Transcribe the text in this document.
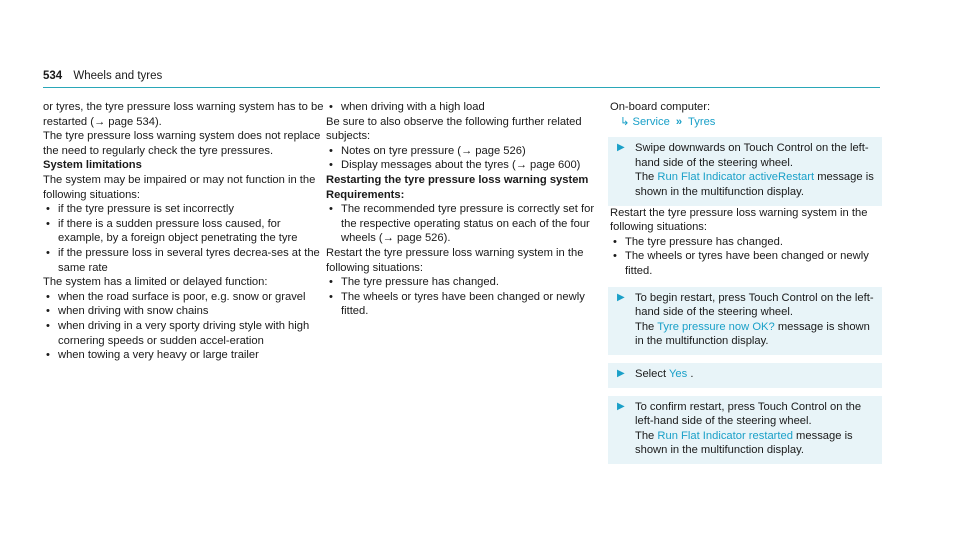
534 Wheels and tyres

or tyres, the tyre pressure loss warning system has to be restarted (→ page 534).

The tyre pressure loss warning system does not replace the need to regularly check the tyre pressures.

System limitations

The system may be impaired or may not function in the following situations:

• if the tyre pressure is set incorrectly
• if there is a sudden pressure loss caused, for example, by a foreign object penetrating the tyre
• if the pressure loss in several tyres decrea-ses at the same rate

The system has a limited or delayed function:

• when the road surface is poor, e.g. snow or gravel
• when driving with snow chains
• when driving in a very sporty driving style with high cornering speeds or sudden accel-eration
• when towing a very heavy or large trailer
• when driving with a high load

Be sure to also observe the following further related subjects:

• Notes on tyre pressure (→ page 526)
• Display messages about the tyres (→ page 600)

Restarting the tyre pressure loss warning system

Requirements:

• The recommended tyre pressure is correctly set for the respective operating status on each of the four wheels (→ page 526).

Restart the tyre pressure loss warning system in the following situations:

• The tyre pressure has changed.
• The wheels or tyres have been changed or newly fitted.

On-board computer:

↳ Service » Tyres

▶ Swipe downwards on Touch Control on the left-hand side of the steering wheel.

The Run Flat Indicator activeRestart message is shown in the multifunction display.

Restart the tyre pressure loss warning system in the following situations:

• The tyre pressure has changed.
• The wheels or tyres have been changed or newly fitted.
▶ To begin restart, press Touch Control on the left-hand side of the steering wheel.

The Tyre pressure now OK? message is shown in the multifunction display.

▶ Select Yes .

▶ To confirm restart, press Touch Control on the left-hand side of the steering wheel.

The Run Flat Indicator restarted message is shown in the multifunction display.
